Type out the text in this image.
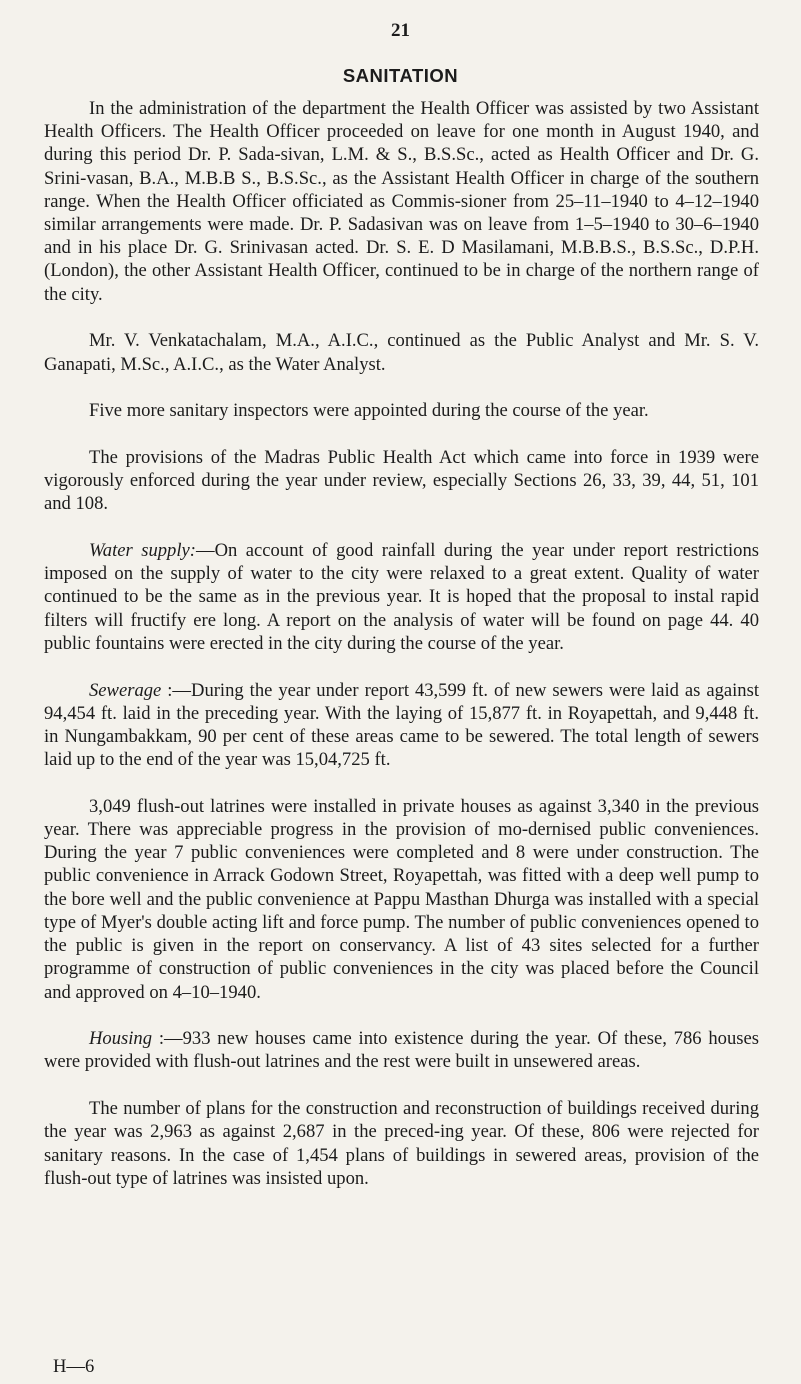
21
SANITATION

In the administration of the department the Health Officer was assisted by two Assistant Health Officers. The Health Officer proceeded on leave for one month in August 1940, and during this period Dr. P. Sada-sivan, L.M. & S., B.S.Sc., acted as Health Officer and Dr. G. Srini-vasan, B.A., M.B.B S., B.S.Sc., as the Assistant Health Officer in charge of the southern range. When the Health Officer officiated as Commis-sioner from 25–11–1940 to 4–12–1940 similar arrangements were made. Dr. P. Sadasivan was on leave from 1–5–1940 to 30–6–1940 and in his place Dr. G. Srinivasan acted. Dr. S. E. D Masilamani, M.B.B.S., B.S.Sc., D.P.H. (London), the other Assistant Health Officer, continued to be in charge of the northern range of the city.

Mr. V. Venkatachalam, M.A., A.I.C., continued as the Public Analyst and Mr. S. V. Ganapati, M.Sc., A.I.C., as the Water Analyst.

Five more sanitary inspectors were appointed during the course of the year.

The provisions of the Madras Public Health Act which came into force in 1939 were vigorously enforced during the year under review, especially Sections 26, 33, 39, 44, 51, 101 and 108.

Water supply:—On account of good rainfall during the year under report restrictions imposed on the supply of water to the city were relaxed to a great extent. Quality of water continued to be the same as in the previous year. It is hoped that the proposal to instal rapid filters will fructify ere long. A report on the analysis of water will be found on page 44. 40 public fountains were erected in the city during the course of the year.

Sewerage :—During the year under report 43,599 ft. of new sewers were laid as against 94,454 ft. laid in the preceding year. With the laying of 15,877 ft. in Royapettah, and 9,448 ft. in Nungambakkam, 90 per cent of these areas came to be sewered. The total length of sewers laid up to the end of the year was 15,04,725 ft.

3,049 flush-out latrines were installed in private houses as against 3,340 in the previous year. There was appreciable progress in the provision of mo-dernised public conveniences. During the year 7 public conveniences were completed and 8 were under construction. The public convenience in Arrack Godown Street, Royapettah, was fitted with a deep well pump to the bore well and the public convenience at Pappu Masthan Dhurga was installed with a special type of Myer's double acting lift and force pump. The number of public conveniences opened to the public is given in the report on conservancy. A list of 43 sites selected for a further programme of construction of public conveniences in the city was placed before the Council and approved on 4–10–1940.

Housing :—933 new houses came into existence during the year. Of these, 786 houses were provided with flush-out latrines and the rest were built in unsewered areas.

The number of plans for the construction and reconstruction of buildings received during the year was 2,963 as against 2,687 in the preced-ing year. Of these, 806 were rejected for sanitary reasons. In the case of 1,454 plans of buildings in sewered areas, provision of the flush-out type of latrines was insisted upon.

H—6
